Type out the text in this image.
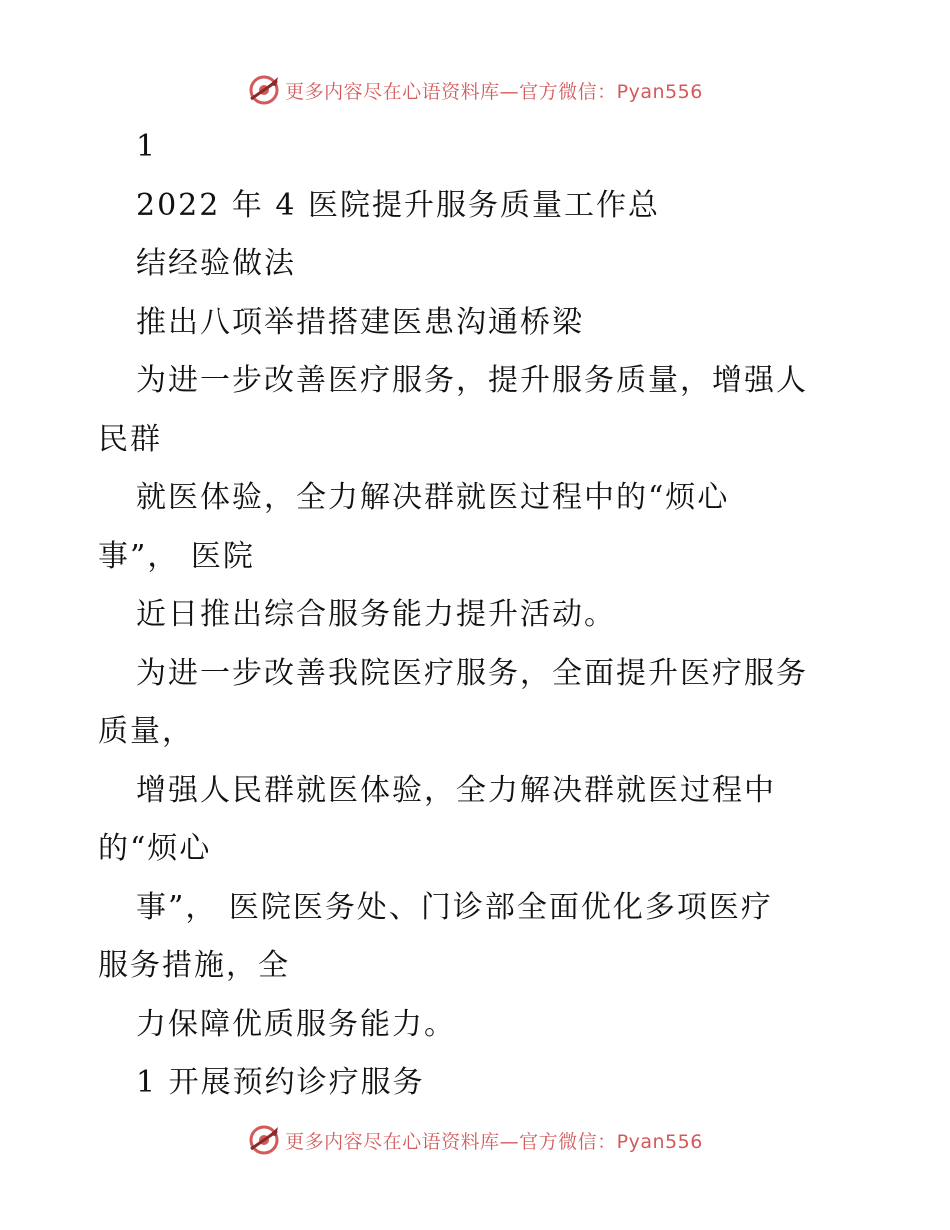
更多内容尽在心语资料库—官方微信：Pyan556
1
2022 年 4 医院提升服务质量工作总
结经验做法
推出八项举措搭建医患沟通桥梁
为进一步改善医疗服务，提升服务质量，增强人
民群
就医体验，全力解决群就医过程中的“烦心
事”， 医院
近日推出综合服务能力提升活动。
为进一步改善我院医疗服务，全面提升医疗服务
质量，
增强人民群就医体验，全力解决群就医过程中
的“烦心
事”， 医院医务处、门诊部全面优化多项医疗
服务措施，全
力保障优质服务能力。
1 开展预约诊疗服务
更多内容尽在心语资料库—官方微信：Pyan556
